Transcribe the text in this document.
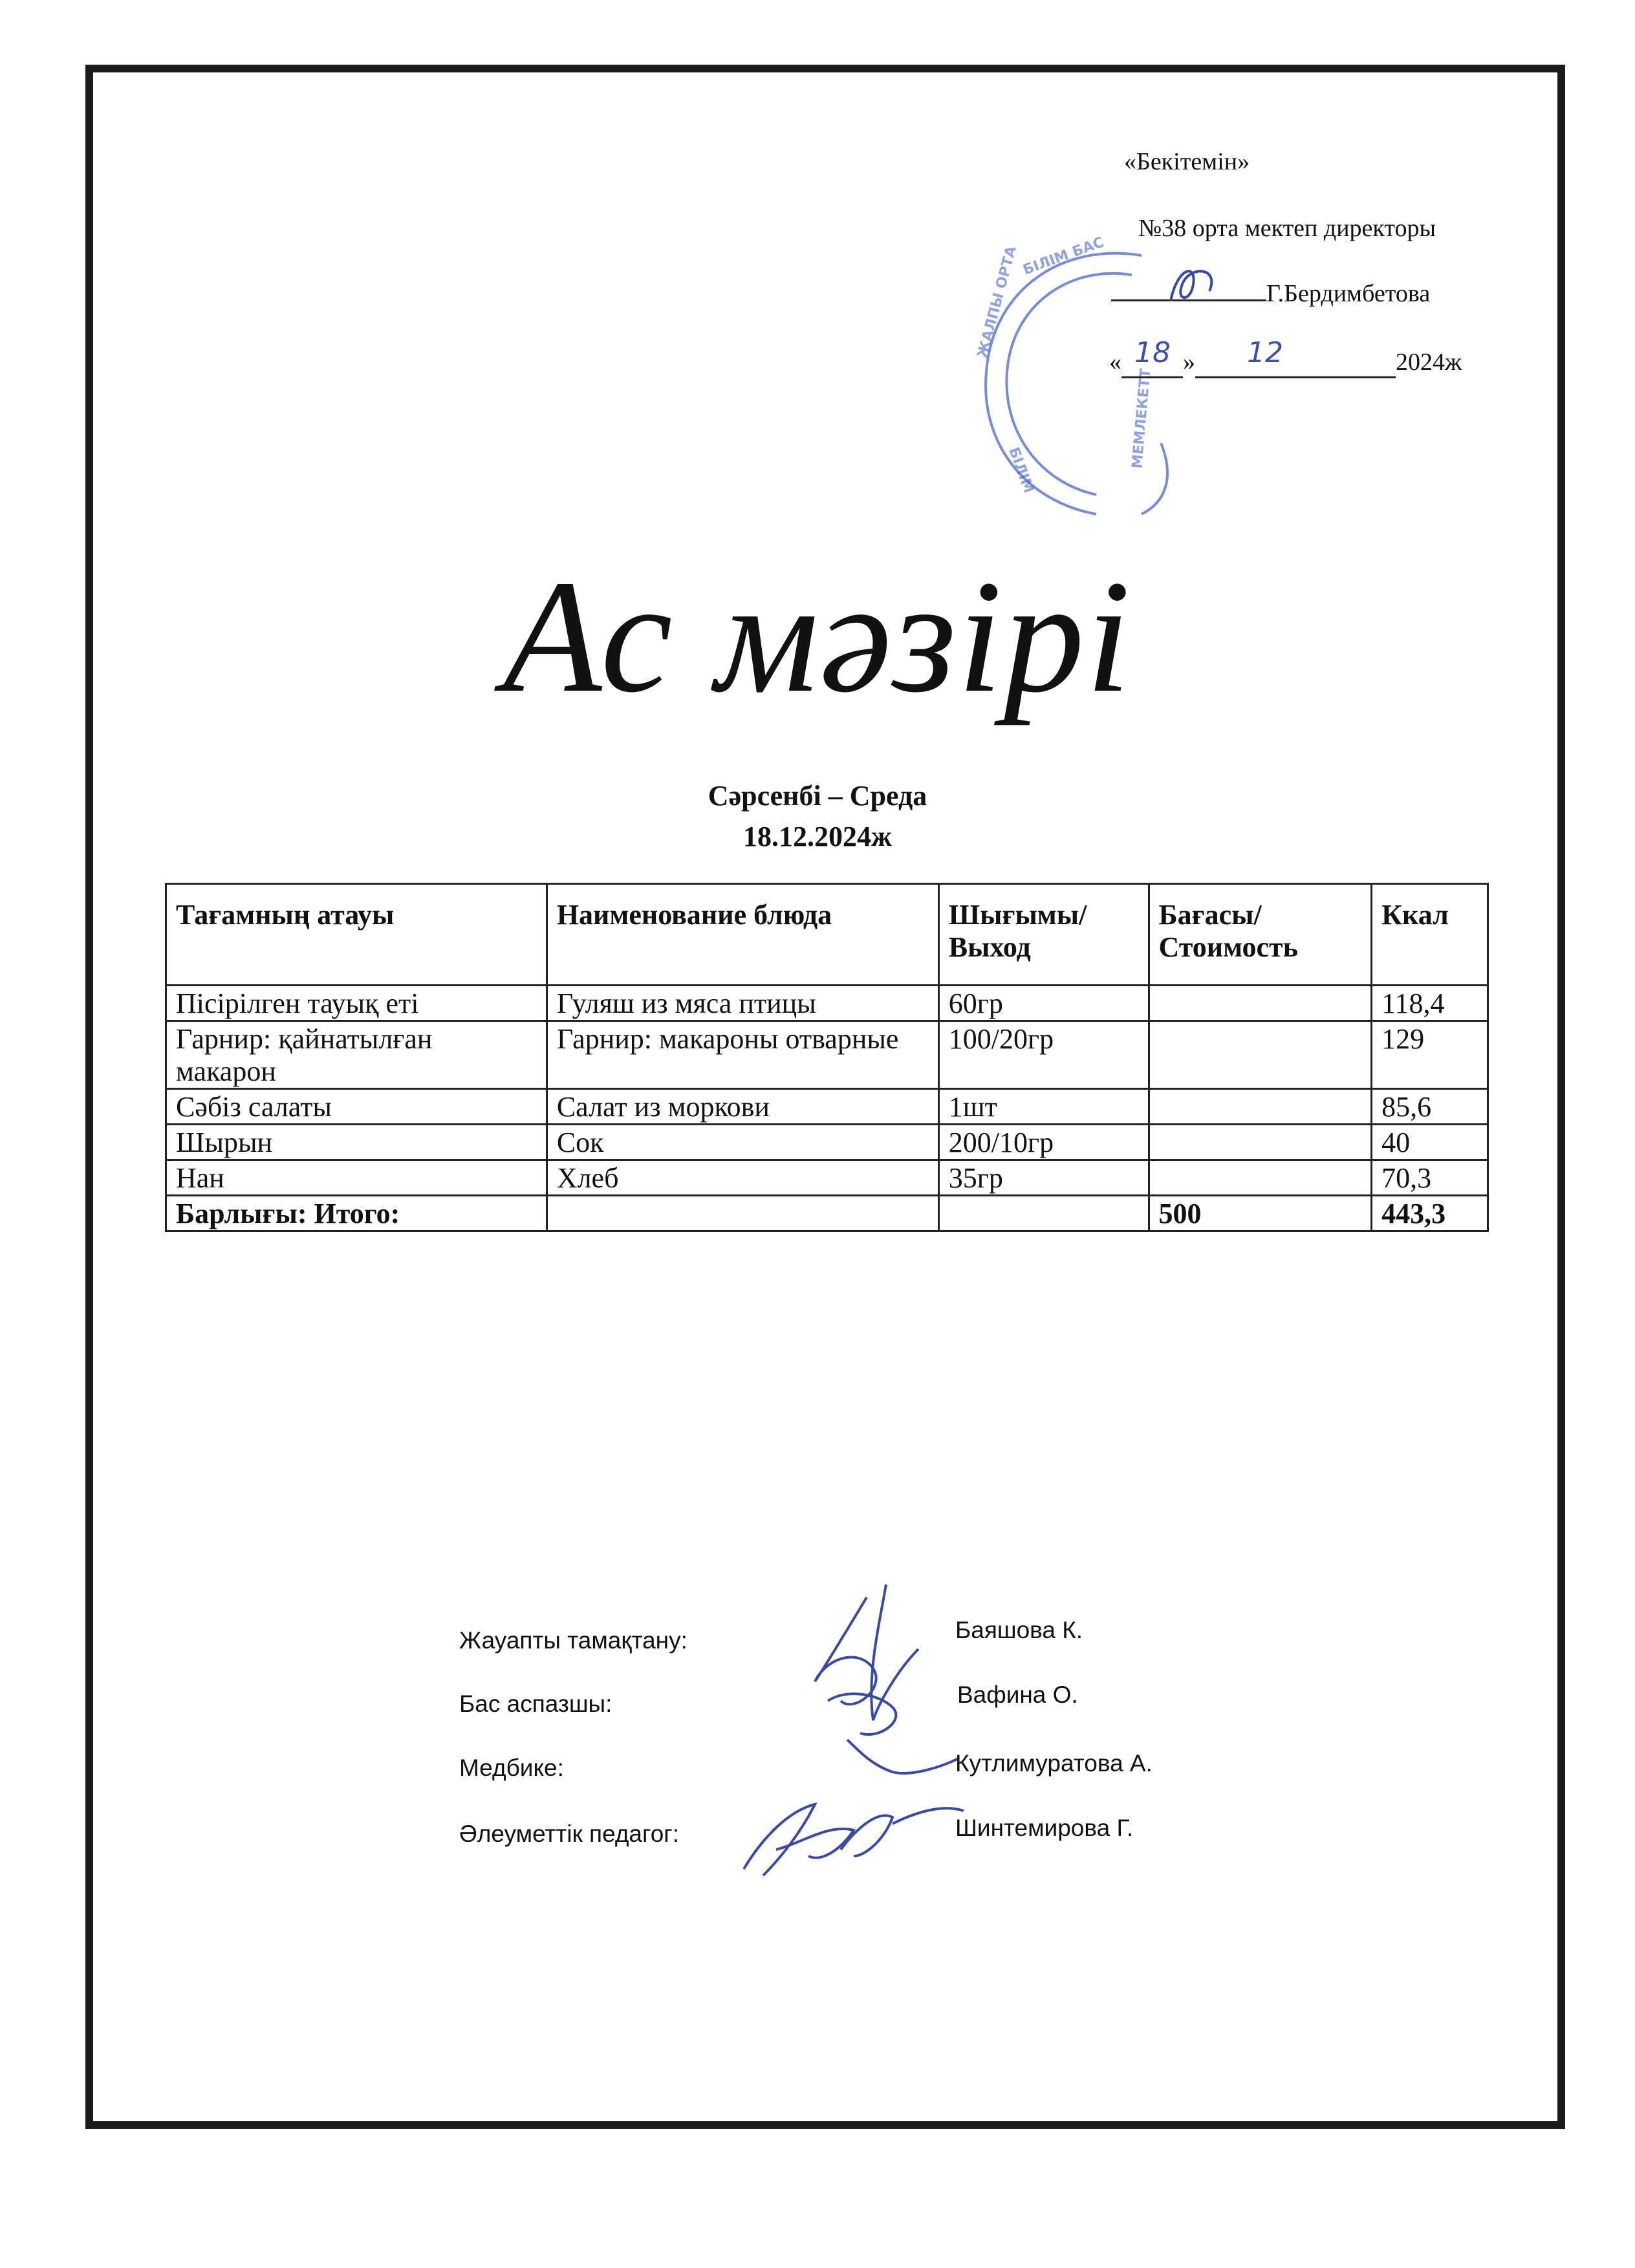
БІЛІМ БАС
ЖАЛПЫ ОРТА
БІЛІМ
МЕМЛЕКЕТТ
«Бекітемін»
№38 орта мектеп директоры
Г.Бердимбетова
« 18 » 12	2024ж
Ас мәзірі
Сәрсенбі – Среда
18.12.2024ж
Тағамның атауы	Наименование блюда	Шығымы/ Выход	Бағасы/ Стоимость	Ккал
Пісірілген тауық еті	Гуляш из мяса птицы	60гр		118,4
Гарнир: қайнатылған макарон	Гарнир: макароны отварные	100/20гр		129
Сәбіз салаты	Салат из моркови	1шт		85,6
Шырын	Сок	200/10гр		40
Нан	Хлеб	35гр		70,3
Барлығы: Итого:			500	443,3
Жауапты тамақтану:	Баяшова К.
Бас аспазшы:	Вафина О.
Медбике:	Кутлимуратова А.
Әлеуметтік педагог:	Шинтемирова Г.
